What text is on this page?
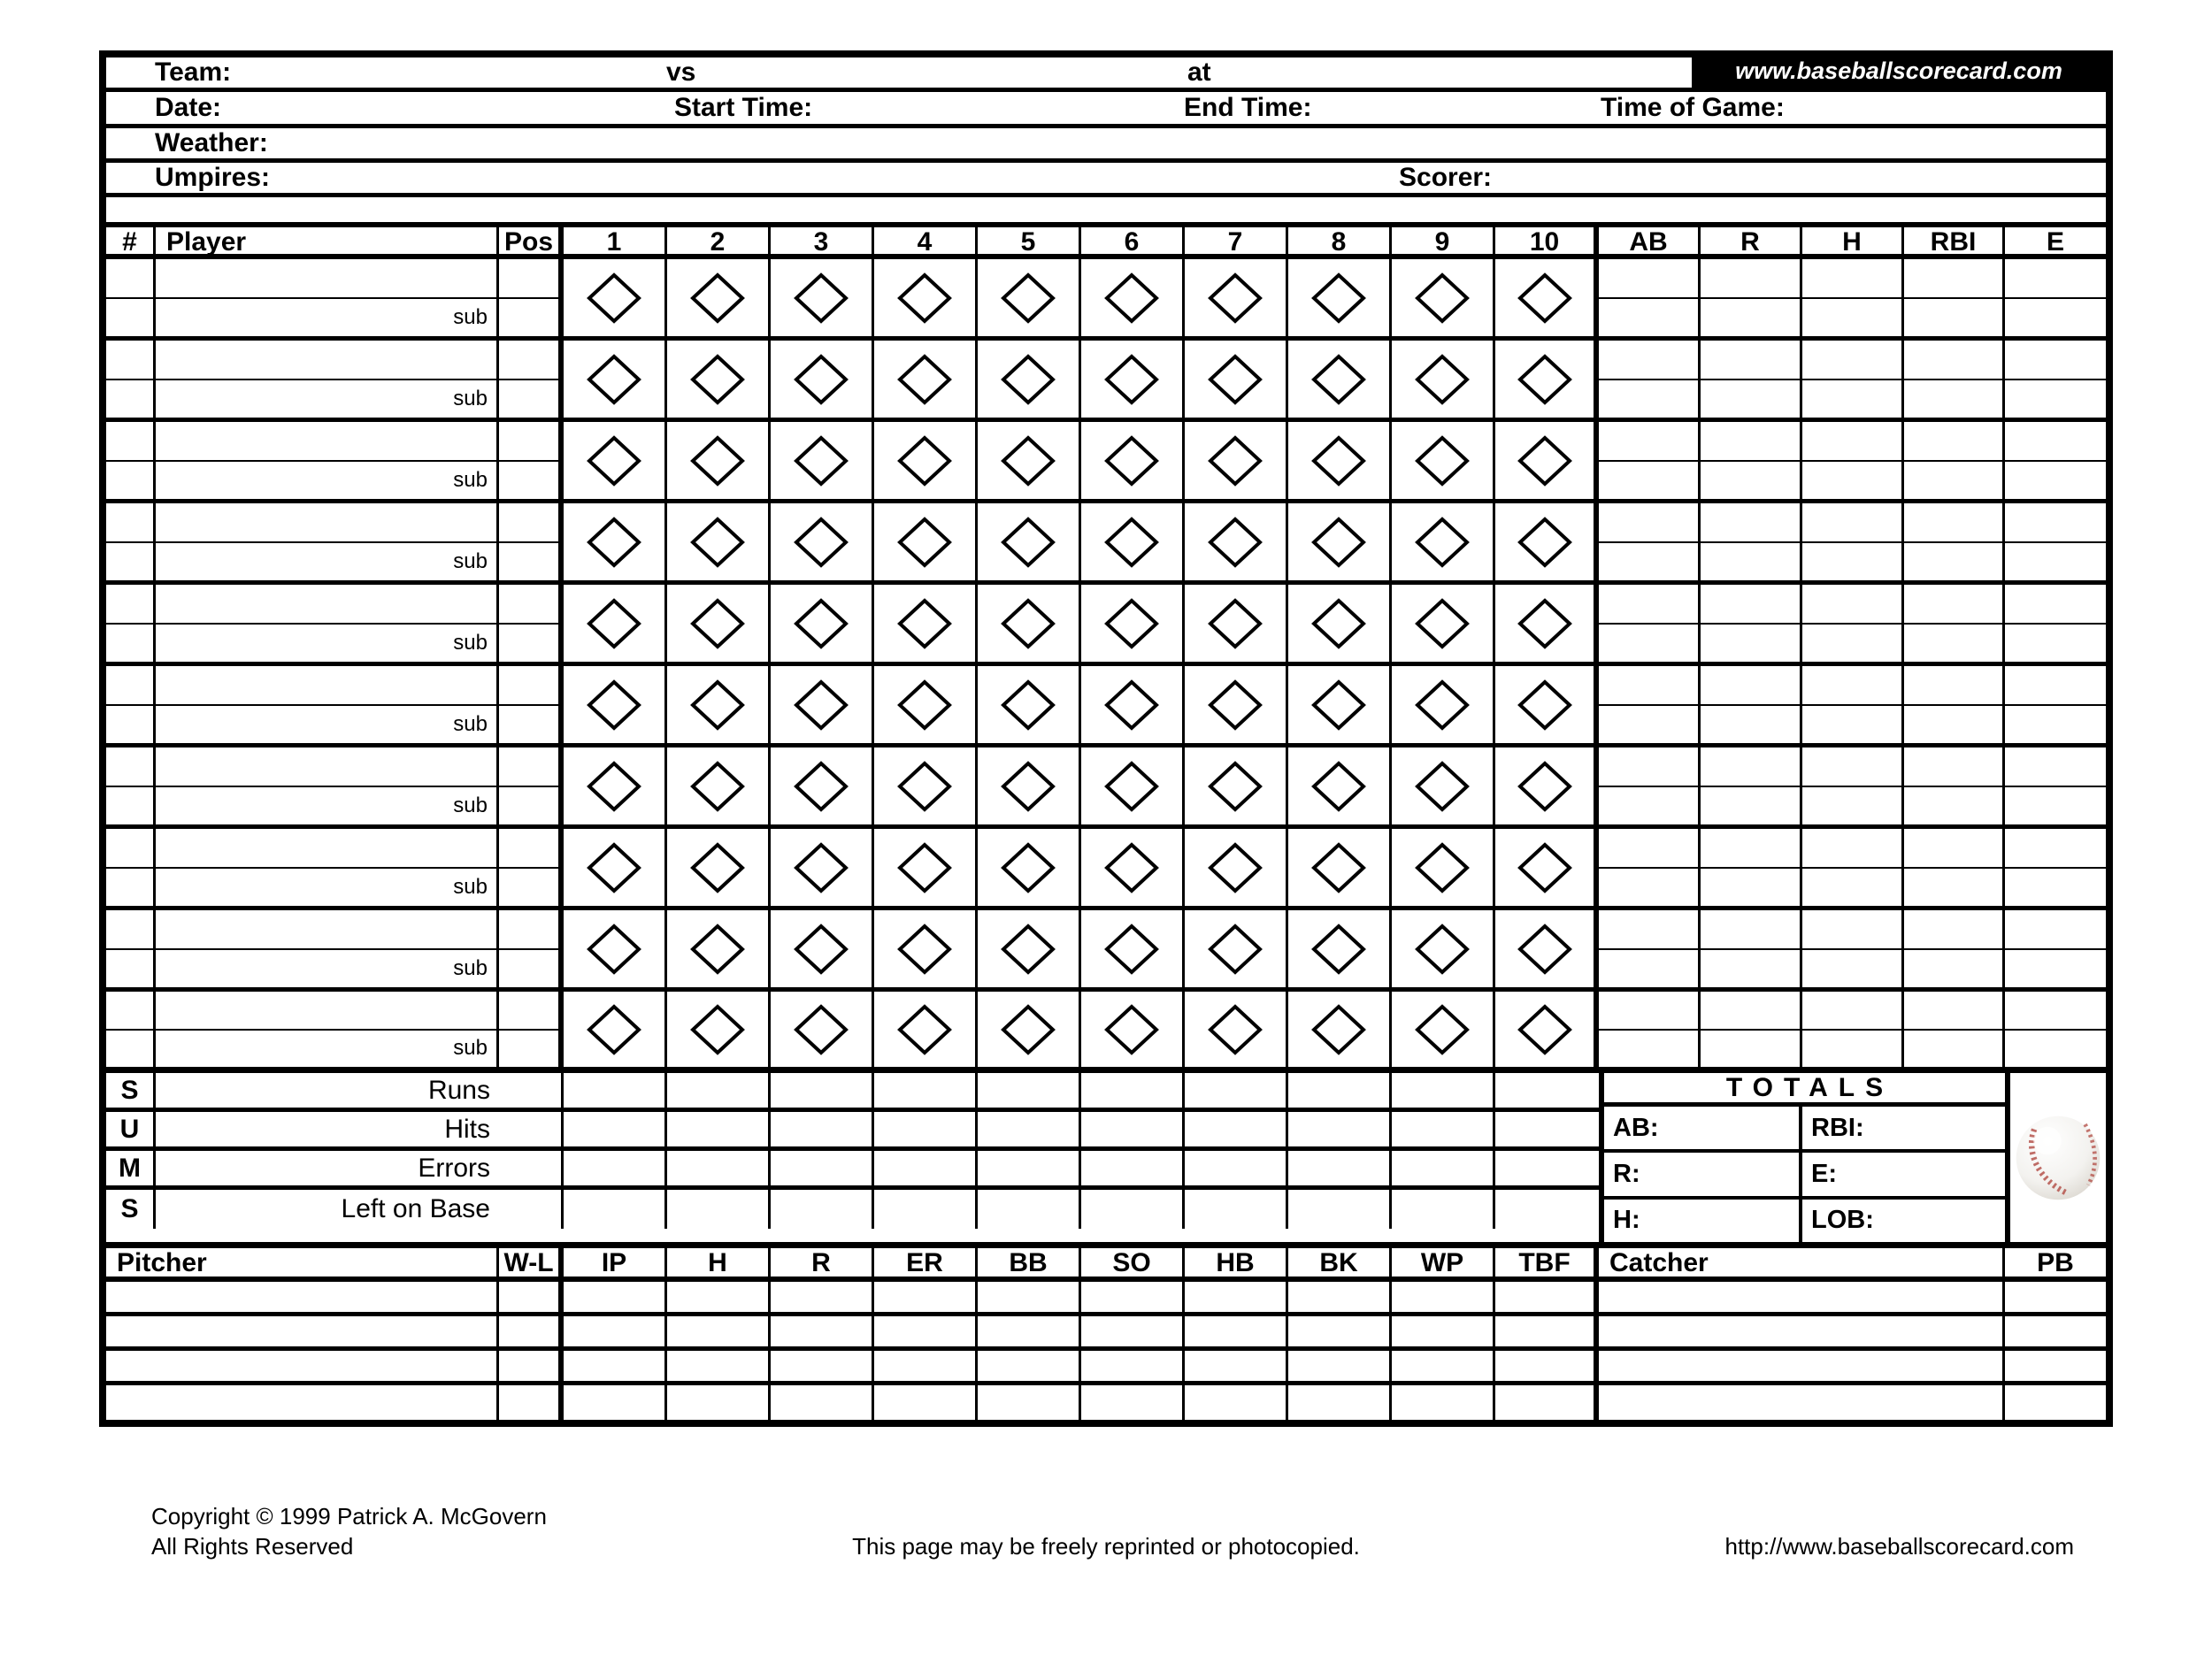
Team:	vs	at	www.baseballscorecard.com
Date:	Start Time:	End Time:	Time of Game:
Weather:
Umpires:	Scorer:
#	Player	Pos	1	2	3	4	5	6	7	8	9	10	AB	R	H	RBI	E
sub
sub
sub
sub
sub
sub
sub
sub
sub
sub
S	Runs
U	Hits
M	Errors
S	Left on Base
TOTALS
AB:	RBI:
R:	E:
H:	LOB:
Pitcher	W-L	IP	H	R	ER	BB	SO	HB	BK	WP	TBF	Catcher	PB
Copyright © 1999 Patrick A. McGovern
All Rights Reserved	This page may be freely reprinted or photocopied.	http://www.baseballscorecard.com
